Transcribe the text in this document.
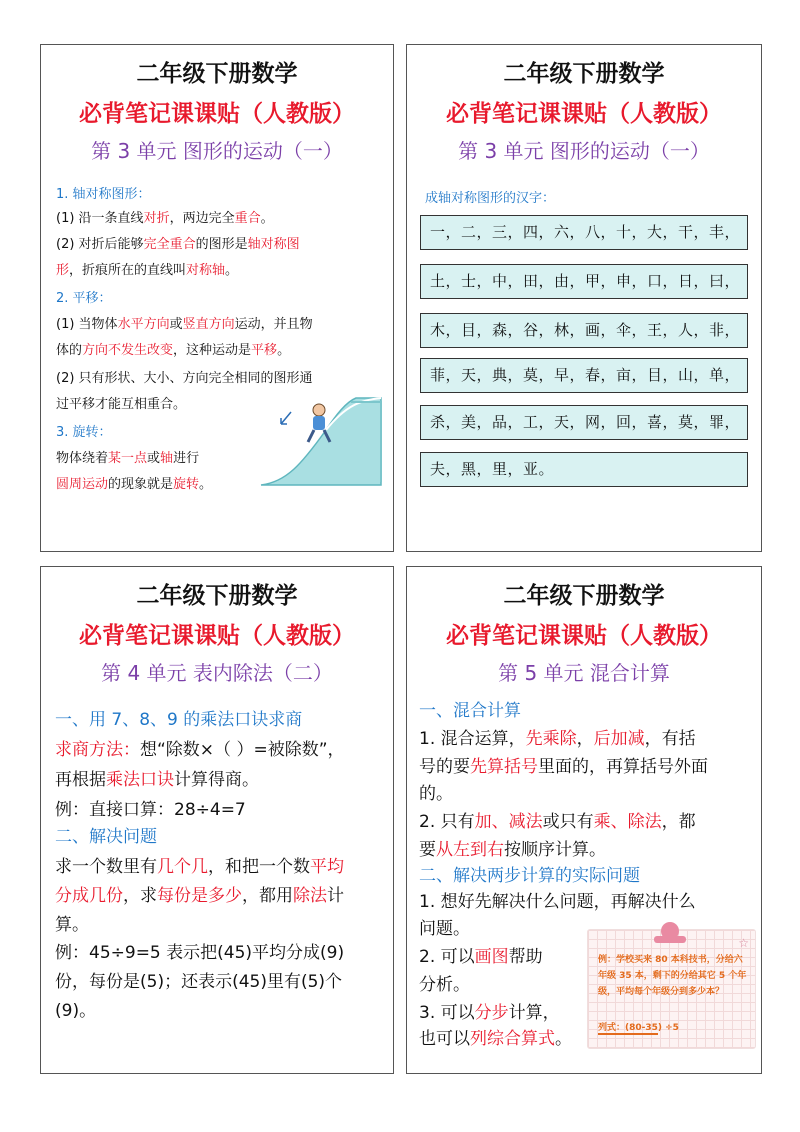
二年级下册数学
必背笔记课课贴（人教版）
第 3 单元 图形的运动（一）
1. 轴对称图形：
(1) 沿一条直线对折，两边完全重合。
(2) 对折后能够完全重合的图形是轴对称图
形，折痕所在的直线叫对称轴。
2. 平移：
(1) 当物体水平方向或竖直方向运动，并且物
体的方向不发生改变，这种运动是平移。
(2) 只有形状、大小、方向完全相同的图形通
过平移才能互相重合。
3. 旋转：
物体绕着某一点或轴进行
圆周运动的现象就是旋转。
二年级下册数学
必背笔记课课贴（人教版）
第 3 单元 图形的运动（一）
成轴对称图形的汉字：
一，二，三，四，六，八，十，大，干，丰，
土，士，中，田，由，甲，申，口，日，曰，
木，目，森，谷，林，画，伞，王，人，非，
菲，天，典，莫，早，春，亩，目，山，单，
杀，美，品，工，天，网，回，喜，莫，罪，
夫，黑，里，亚。
二年级下册数学
必背笔记课课贴（人教版）
第 4 单元 表内除法（二）
一、用 7、8、9 的乘法口诀求商
求商方法：想“除数×（ ）=被除数”，
再根据乘法口诀计算得商。
例：直接口算：28÷4=7
二、解决问题
求一个数里有几个几，和把一个数平均
分成几份，求每份是多少，都用除法计
算。
例：45÷9=5 表示把(45)平均分成(9)
份，每份是(5)；还表示(45)里有(5)个
(9)。
二年级下册数学
必背笔记课课贴（人教版）
第 5 单元 混合计算
一、混合计算
1. 混合运算，先乘除，后加减，有括
号的要先算括号里面的，再算括号外面
的。
2. 只有加、减法或只有乘、除法，都
要从左到右按顺序计算。
二、解决两步计算的实际问题
1. 想好先解决什么问题，再解决什么
问题。
2. 可以画图帮助
分析。
3. 可以分步计算，
也可以列综合算式。
☆
例：学校买来 80 本科技书，分给六年级 35 本，剩下的分给其它 5 个年级，平均每个年级分到多少本？
列式：(80-35) ÷5
